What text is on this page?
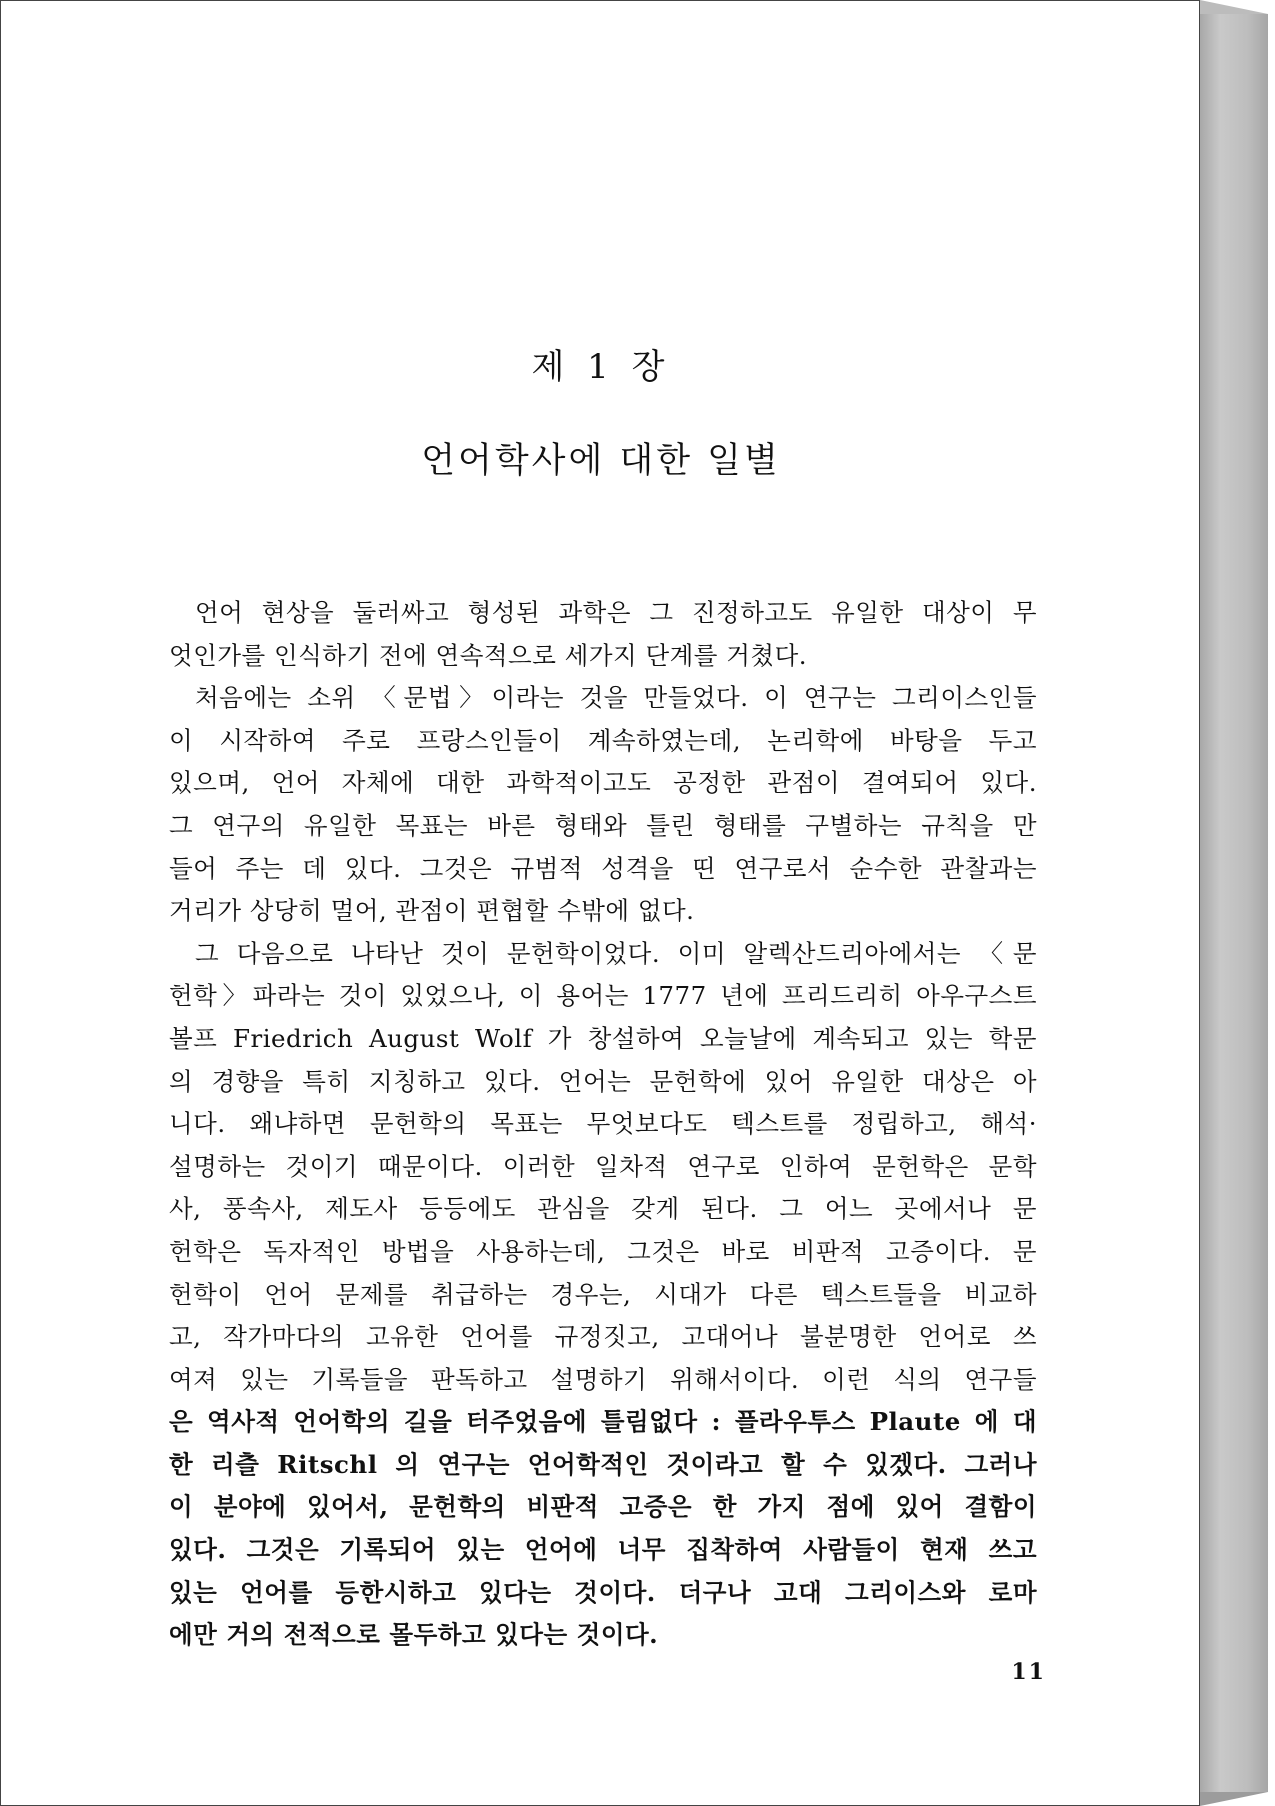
제 1 장
언어학사에 대한 일별
언어 현상을 둘러싸고 형성된 과학은 그 진정하고도 유일한 대상이 무
엇인가를 인식하기 전에 연속적으로 세가지 단계를 거쳤다.
처음에는 소위 〈문법〉이라는 것을 만들었다. 이 연구는 그리이스인들
이 시작하여 주로 프랑스인들이 계속하였는데, 논리학에 바탕을 두고
있으며, 언어 자체에 대한 과학적이고도 공정한 관점이 결여되어 있다.
그 연구의 유일한 목표는 바른 형태와 틀린 형태를 구별하는 규칙을 만
들어 주는 데 있다. 그것은 규범적 성격을 띤 연구로서 순수한 관찰과는
거리가 상당히 멀어, 관점이 편협할 수밖에 없다.
그 다음으로 나타난 것이 문헌학이었다. 이미 알렉산드리아에서는 〈문
헌학〉파라는 것이 있었으나, 이 용어는 1777 년에 프리드리히 아우구스트
볼프 Friedrich August Wolf 가 창설하여 오늘날에 계속되고 있는 학문
의 경향을 특히 지칭하고 있다. 언어는 문헌학에 있어 유일한 대상은 아
니다. 왜냐하면 문헌학의 목표는 무엇보다도 텍스트를 정립하고, 해석·
설명하는 것이기 때문이다. 이러한 일차적 연구로 인하여 문헌학은 문학
사, 풍속사, 제도사 등등에도 관심을 갖게 된다. 그 어느 곳에서나 문
헌학은 독자적인 방법을 사용하는데, 그것은 바로 비판적 고증이다. 문
헌학이 언어 문제를 취급하는 경우는, 시대가 다른 텍스트들을 비교하
고, 작가마다의 고유한 언어를 규정짓고, 고대어나 불분명한 언어로 쓰
여져 있는 기록들을 판독하고 설명하기 위해서이다. 이런 식의 연구들
은 역사적 언어학의 길을 터주었음에 틀림없다 : 플라우투스 Plaute 에 대
한 리츨 Ritschl 의 연구는 언어학적인 것이라고 할 수 있겠다. 그러나
이 분야에 있어서, 문헌학의 비판적 고증은 한 가지 점에 있어 결함이
있다. 그것은 기록되어 있는 언어에 너무 집착하여 사람들이 현재 쓰고
있는 언어를 등한시하고 있다는 것이다. 더구나 고대 그리이스와 로마
에만 거의 전적으로 몰두하고 있다는 것이다.
11
